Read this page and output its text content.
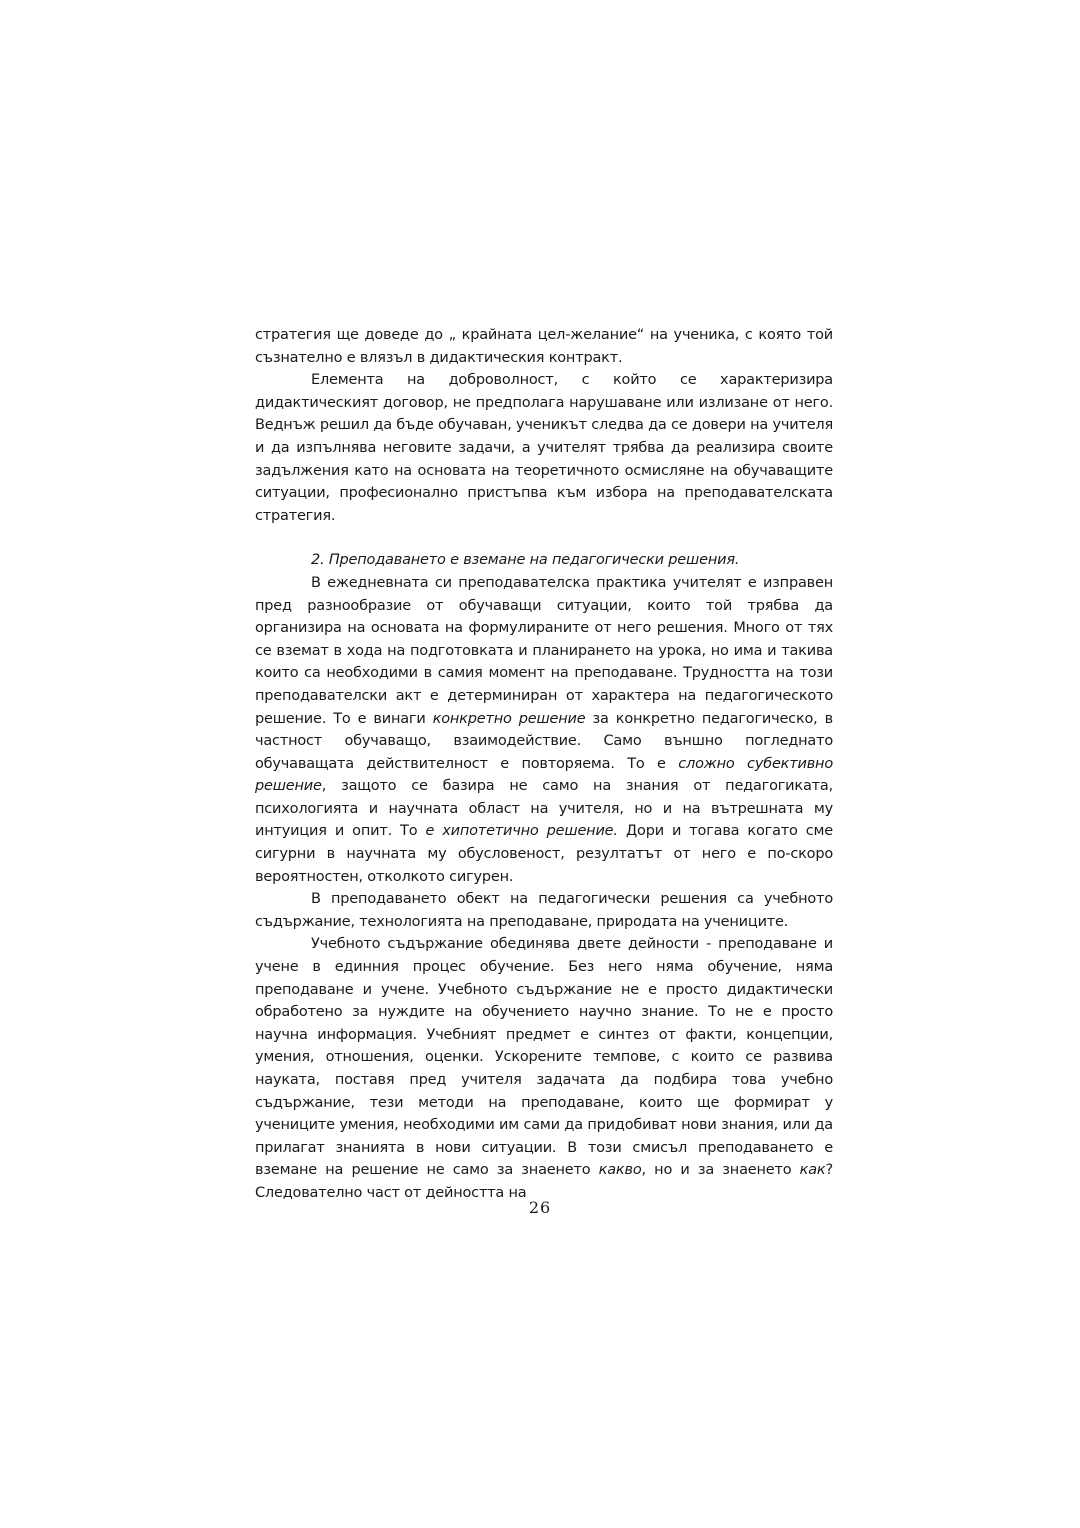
стратегия ще доведе до „ крайната цел-желание“ на ученика, с която той съзнателно е влязъл в дидактическия контракт.

Елемента на доброволност, с който се характеризира дидактическият договор, не предполага нарушаване или излизане от него. Веднъж решил да бъде обучаван, ученикът следва да се довери на учителя и да изпълнява неговите задачи, а учителят трябва да реализира своите задължения като на основата на теоретичното осмисляне на обучаващите ситуации, професионално пристъпва към избора на преподавателската стратегия.

2. Преподаването е вземане на педагогически решения.

В ежедневната си преподавателска практика учителят е изправен пред разнообразие от обучаващи ситуации, които той трябва да организира на основата на формулираните от него решения. Много от тях се вземат в хода на подготовката и планирането на урока, но има и такива които са необходими в самия момент на преподаване. Трудността на този преподавателски акт е детерминиран от характера на педагогическото решение. То е винаги конкретно решение за конкретно педагогическо, в частност обучаващо, взаимодействие. Само външно погледнато обучаващата действителност е повторяема. То е сложно субективно решение, защото се базира не само на знания от педагогиката, психологията и научната област на учителя, но и на вътрешната му интуиция и опит. То е хипотетично решение. Дори и тогава когато сме сигурни в научната му обусловеност, резултатът от него е по-скоро вероятностен, отколкото сигурен.

В преподаването обект на педагогически решения са учебното съдържание, технологията на преподаване, природата на учениците.

Учебното съдържание обединява двете дейности - преподаване и учене в единния процес обучение. Без него няма обучение, няма преподаване и учене. Учебното съдържание не е просто дидактически обработено за нуждите на обучението научно знание. То не е просто научна информация. Учебният предмет е синтез от факти, концепции, умения, отношения, оценки. Ускорените темпове, с които се развива науката, поставя пред учителя задачата да подбира това учебно съдържание, тези методи на преподаване, които ще формират у учениците умения, необходими им сами да придобиват нови знания, или да прилагат знанията в нови ситуации. В този смисъл преподаването е вземане на решение не само за знаенето какво, но и за знаенето как? Следователно част от дейността на

26
